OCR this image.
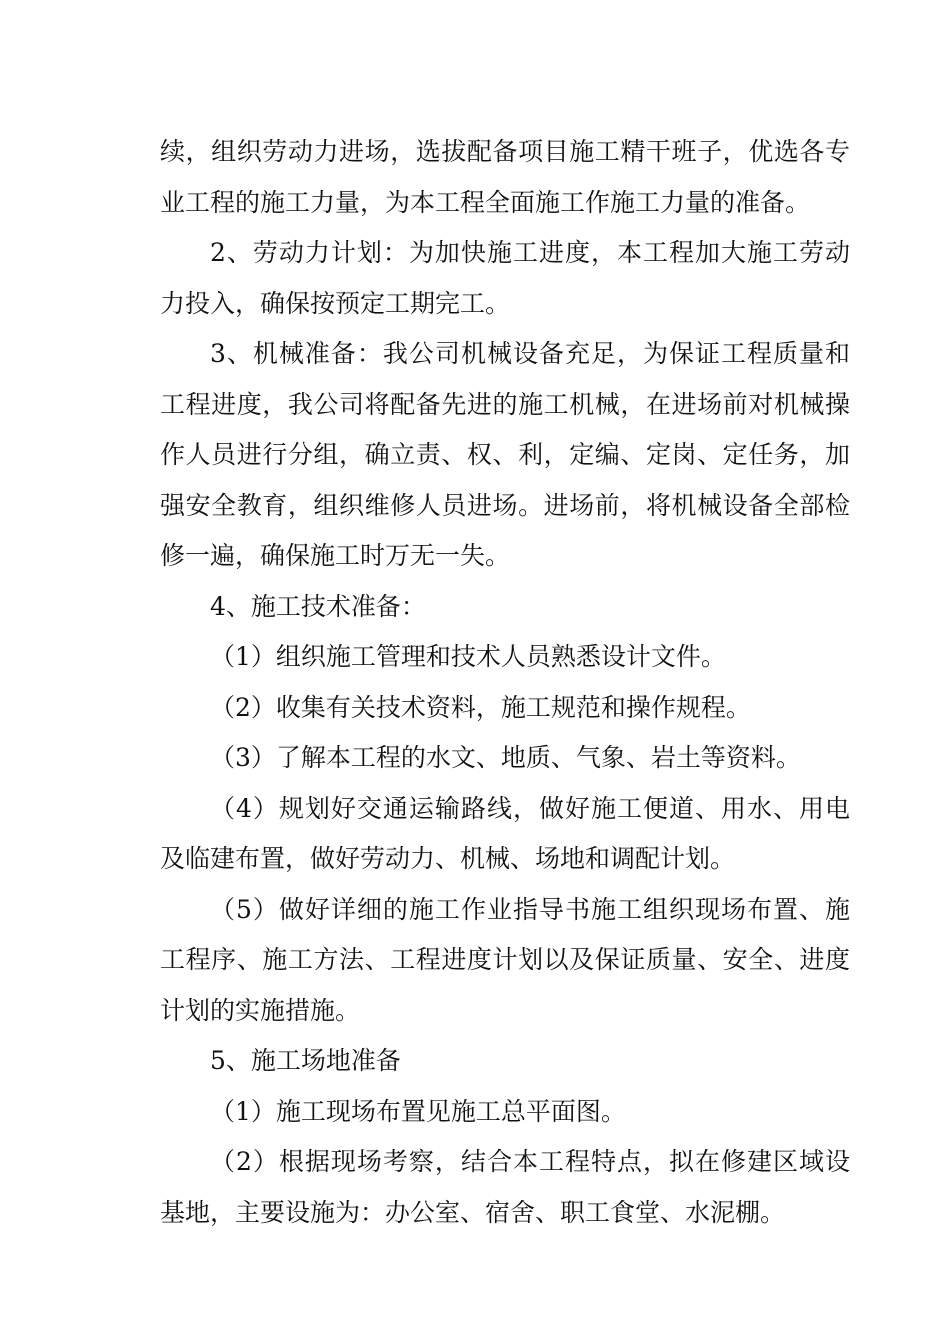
续，组织劳动力进场，选拔配备项目施工精干班子，优选各专业工程的施工力量，为本工程全面施工作施工力量的准备。

2、劳动力计划：为加快施工进度，本工程加大施工劳动力投入，确保按预定工期完工。

3、机械准备：我公司机械设备充足，为保证工程质量和工程进度，我公司将配备先进的施工机械，在进场前对机械操作人员进行分组，确立责、权、利，定编、定岗、定任务，加强安全教育，组织维修人员进场。进场前，将机械设备全部检修一遍，确保施工时万无一失。

4、施工技术准备：

（1）组织施工管理和技术人员熟悉设计文件。

（2）收集有关技术资料，施工规范和操作规程。

（3）了解本工程的水文、地质、气象、岩土等资料。

（4）规划好交通运输路线，做好施工便道、用水、用电及临建布置，做好劳动力、机械、场地和调配计划。

（5）做好详细的施工作业指导书施工组织现场布置、施工程序、施工方法、工程进度计划以及保证质量、安全、进度计划的实施措施。

5、施工场地准备

（1）施工现场布置见施工总平面图。

（2）根据现场考察，结合本工程特点，拟在修建区域设基地，主要设施为：办公室、宿舍、职工食堂、水泥棚。
